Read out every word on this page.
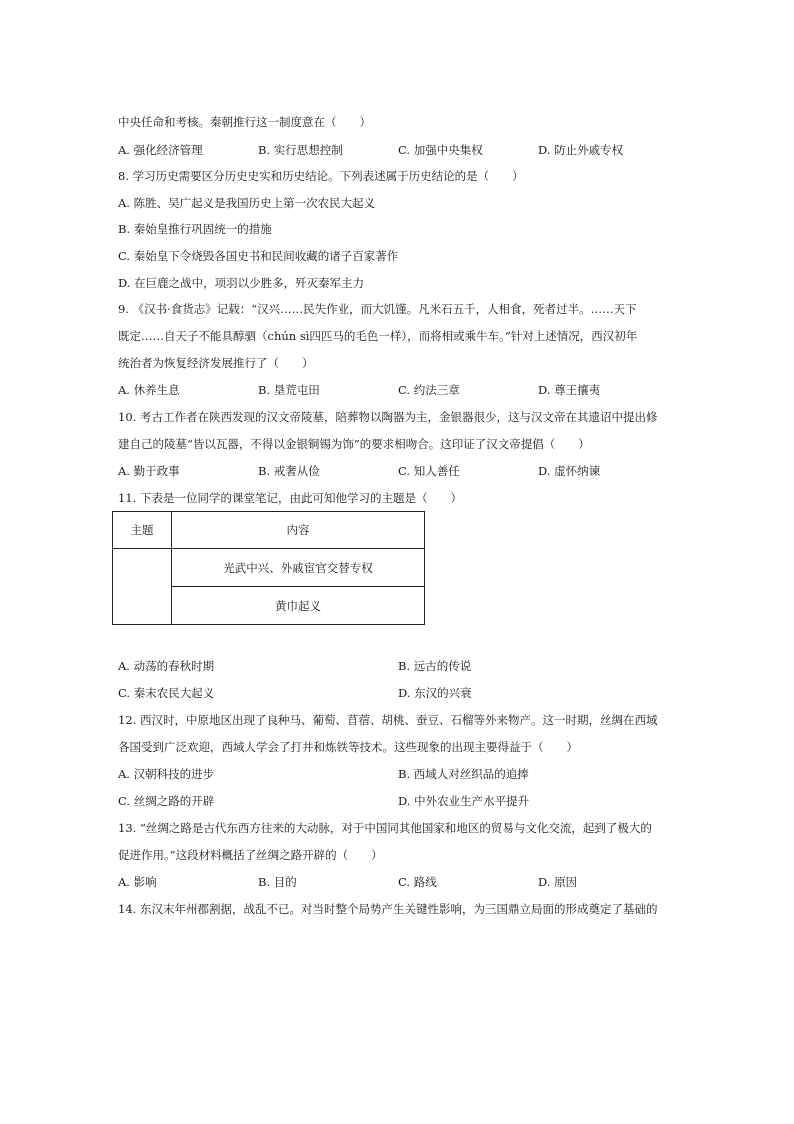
中央任命和考核。秦朝推行这一制度意在（　　）
A. 强化经济管理	B. 实行思想控制	C. 加强中央集权	D. 防止外戚专权
8. 学习历史需要区分历史史实和历史结论。下列表述属于历史结论的是（　　）
A. 陈胜、吴广起义是我国历史上第一次农民大起义
B. 秦始皇推行巩固统一的措施
C. 秦始皇下令烧毁各国史书和民间收藏的诸子百家著作
D. 在巨鹿之战中，项羽以少胜多，歼灭秦军主力
9. 《汉书·食货志》记载：“汉兴……民失作业，而大饥馑。凡米石五千，人相食，死者过半。……天下
既定……自天子不能具醇驷（chún sì四匹马的毛色一样），而将相或乘牛车。”针对上述情况，西汉初年
统治者为恢复经济发展推行了（　　）
A. 休养生息	B. 垦荒屯田	C. 约法三章	D. 尊王攘夷
10. 考古工作者在陕西发现的汉文帝陵墓，陪葬物以陶器为主，金银器很少，这与汉文帝在其遗诏中提出修
建自己的陵墓“皆以瓦器，不得以金银铜锡为饰”的要求相吻合。这印证了汉文帝提倡（　　）
A. 勤于政事	B. 戒奢从俭	C. 知人善任	D. 虚怀纳谏
11. 下表是一位同学的课堂笔记，由此可知他学习的主题是（　　）
主题	内容
	光武中兴、外戚宦官交替专权
	黄巾起义
A. 动荡的春秋时期	B. 远古的传说
C. 秦末农民大起义	D. 东汉的兴衰
12. 西汉时，中原地区出现了良种马、葡萄、苜蓿、胡桃、蚕豆、石榴等外来物产。这一时期，丝绸在西域
各国受到广泛欢迎，西域人学会了打井和炼铁等技术。这些现象的出现主要得益于（　　）
A. 汉朝科技的进步	B. 西域人对丝织品的追捧
C. 丝绸之路的开辟	D. 中外农业生产水平提升
13. “丝绸之路是古代东西方往来的大动脉，对于中国同其他国家和地区的贸易与文化交流，起到了极大的
促进作用。”这段材料概括了丝绸之路开辟的（　　）
A. 影响	B. 目的	C. 路线	D. 原因
14. 东汉末年州郡割据，战乱不已。对当时整个局势产生关键性影响，为三国鼎立局面的形成奠定了基础的
